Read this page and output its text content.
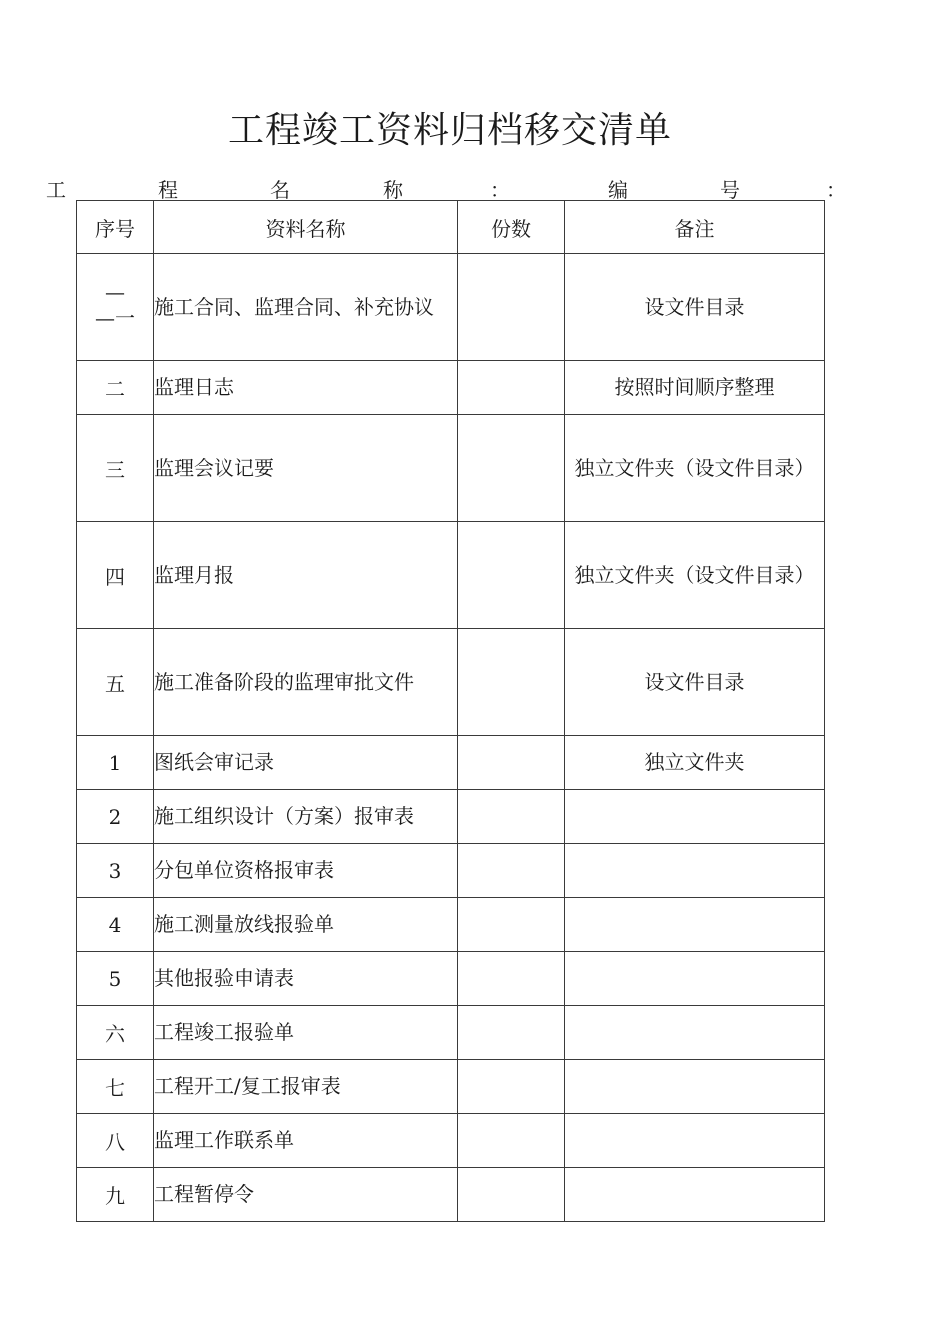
工程竣工资料归档移交清单
工	程	名	称	：	编	号	：
序号	资料名称	份数	备注

—
—一	施工合同、监理合同、补充协议		设文件目录
二	监理日志		按照时间顺序整理
三	监理会议记要		独立文件夹（设文件目录）
四	监理月报		独立文件夹（设文件目录）
五	施工准备阶段的监理审批文件		设文件目录
1	图纸会审记录		独立文件夹
2	施工组织设计（方案）报审表		
3	分包单位资格报审表		
4	施工测量放线报验单		
5	其他报验申请表		
六	工程竣工报验单		
七	工程开工/复工报审表		
八	监理工作联系单		
九	工程暂停令		
